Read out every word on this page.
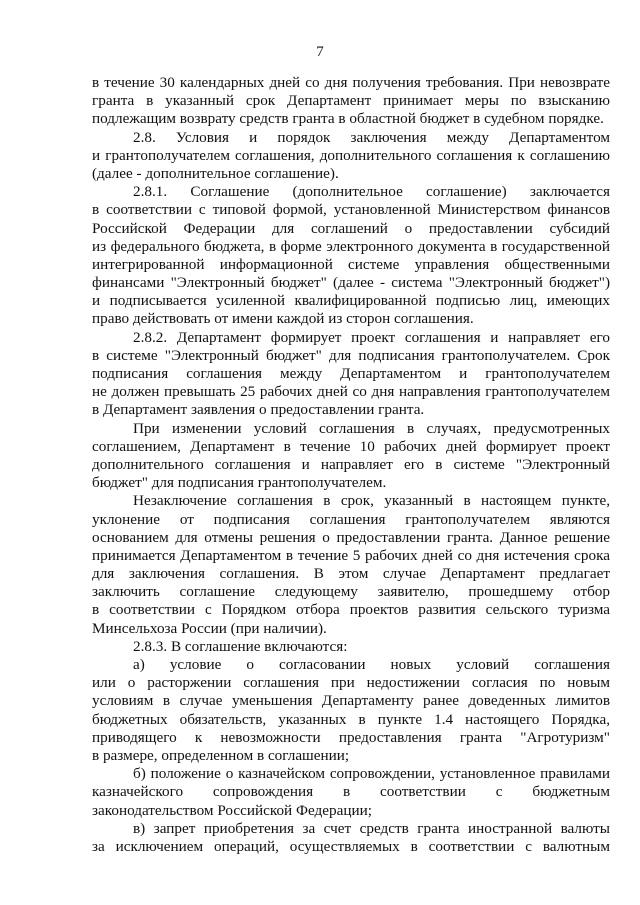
7
в течение 30 календарных дней со дня получения требования. При невозврате
гранта в указанный срок Департамент принимает меры по взысканию
подлежащим возврату средств гранта в областной бюджет в судебном порядке.
2.8. Условия и порядок заключения между Департаментом
и грантополучателем соглашения, дополнительного соглашения к соглашению
(далее - дополнительное соглашение).
2.8.1. Соглашение (дополнительное соглашение) заключается
в соответствии с типовой формой, установленной Министерством финансов
Российской Федерации для соглашений о предоставлении субсидий
из федерального бюджета, в форме электронного документа в государственной
интегрированной информационной системе управления общественными
финансами "Электронный бюджет" (далее - система "Электронный бюджет")
и подписывается усиленной квалифицированной подписью лиц, имеющих
право действовать от имени каждой из сторон соглашения.
2.8.2. Департамент формирует проект соглашения и направляет его
в системе "Электронный бюджет" для подписания грантополучателем. Срок
подписания соглашения между Департаментом и грантополучателем
не должен превышать 25 рабочих дней со дня направления грантополучателем
в Департамент заявления о предоставлении гранта.
При изменении условий соглашения в случаях, предусмотренных
соглашением, Департамент в течение 10 рабочих дней формирует проект
дополнительного соглашения и направляет его в системе "Электронный
бюджет" для подписания грантополучателем.
Незаключение соглашения в срок, указанный в настоящем пункте,
уклонение от подписания соглашения грантополучателем являются
основанием для отмены решения о предоставлении гранта. Данное решение
принимается Департаментом в течение 5 рабочих дней со дня истечения срока
для заключения соглашения. В этом случае Департамент предлагает
заключить соглашение следующему заявителю, прошедшему отбор
в соответствии с Порядком отбора проектов развития сельского туризма
Минсельхоза России (при наличии).
2.8.3. В соглашение включаются:
а) условие о согласовании новых условий соглашения
или о расторжении соглашения при недостижении согласия по новым
условиям в случае уменьшения Департаменту ранее доведенных лимитов
бюджетных обязательств, указанных в пункте 1.4 настоящего Порядка,
приводящего к невозможности предоставления гранта "Агротуризм"
в размере, определенном в соглашении;
б) положение о казначейском сопровождении, установленное правилами
казначейского сопровождения в соответствии с бюджетным
законодательством Российской Федерации;
в) запрет приобретения за счет средств гранта иностранной валюты
за исключением операций, осуществляемых в соответствии с валютным
